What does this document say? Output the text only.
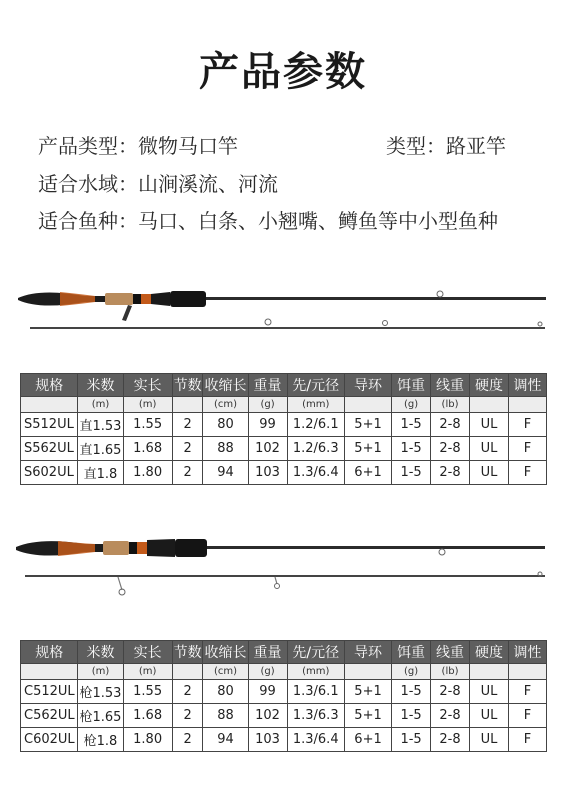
产品参数
产品类型：微物马口竿	类型：路亚竿
适合水域：山涧溪流、河流
适合鱼种：马口、白条、小翘嘴、鳟鱼等中小型鱼种
规格	米数	实长	节数	收缩长	重量	先/元径	导环	饵重	线重	硬度	调性
	(m)	(m)		(cm)	(g)	(mm)		(g)	(lb)		
S512UL	直1.53	1.55	2	80	99	1.2/6.1	5+1	1-5	2-8	UL	F
S562UL	直1.65	1.68	2	88	102	1.2/6.3	5+1	1-5	2-8	UL	F
S602UL	直1.8	1.80	2	94	103	1.3/6.4	6+1	1-5	2-8	UL	F
规格	米数	实长	节数	收缩长	重量	先/元径	导环	饵重	线重	硬度	调性
	(m)	(m)		(cm)	(g)	(mm)		(g)	(lb)		
C512UL	枪1.53	1.55	2	80	99	1.3/6.1	5+1	1-5	2-8	UL	F
C562UL	枪1.65	1.68	2	88	102	1.3/6.3	5+1	1-5	2-8	UL	F
C602UL	枪1.8	1.80	2	94	103	1.3/6.4	6+1	1-5	2-8	UL	F
